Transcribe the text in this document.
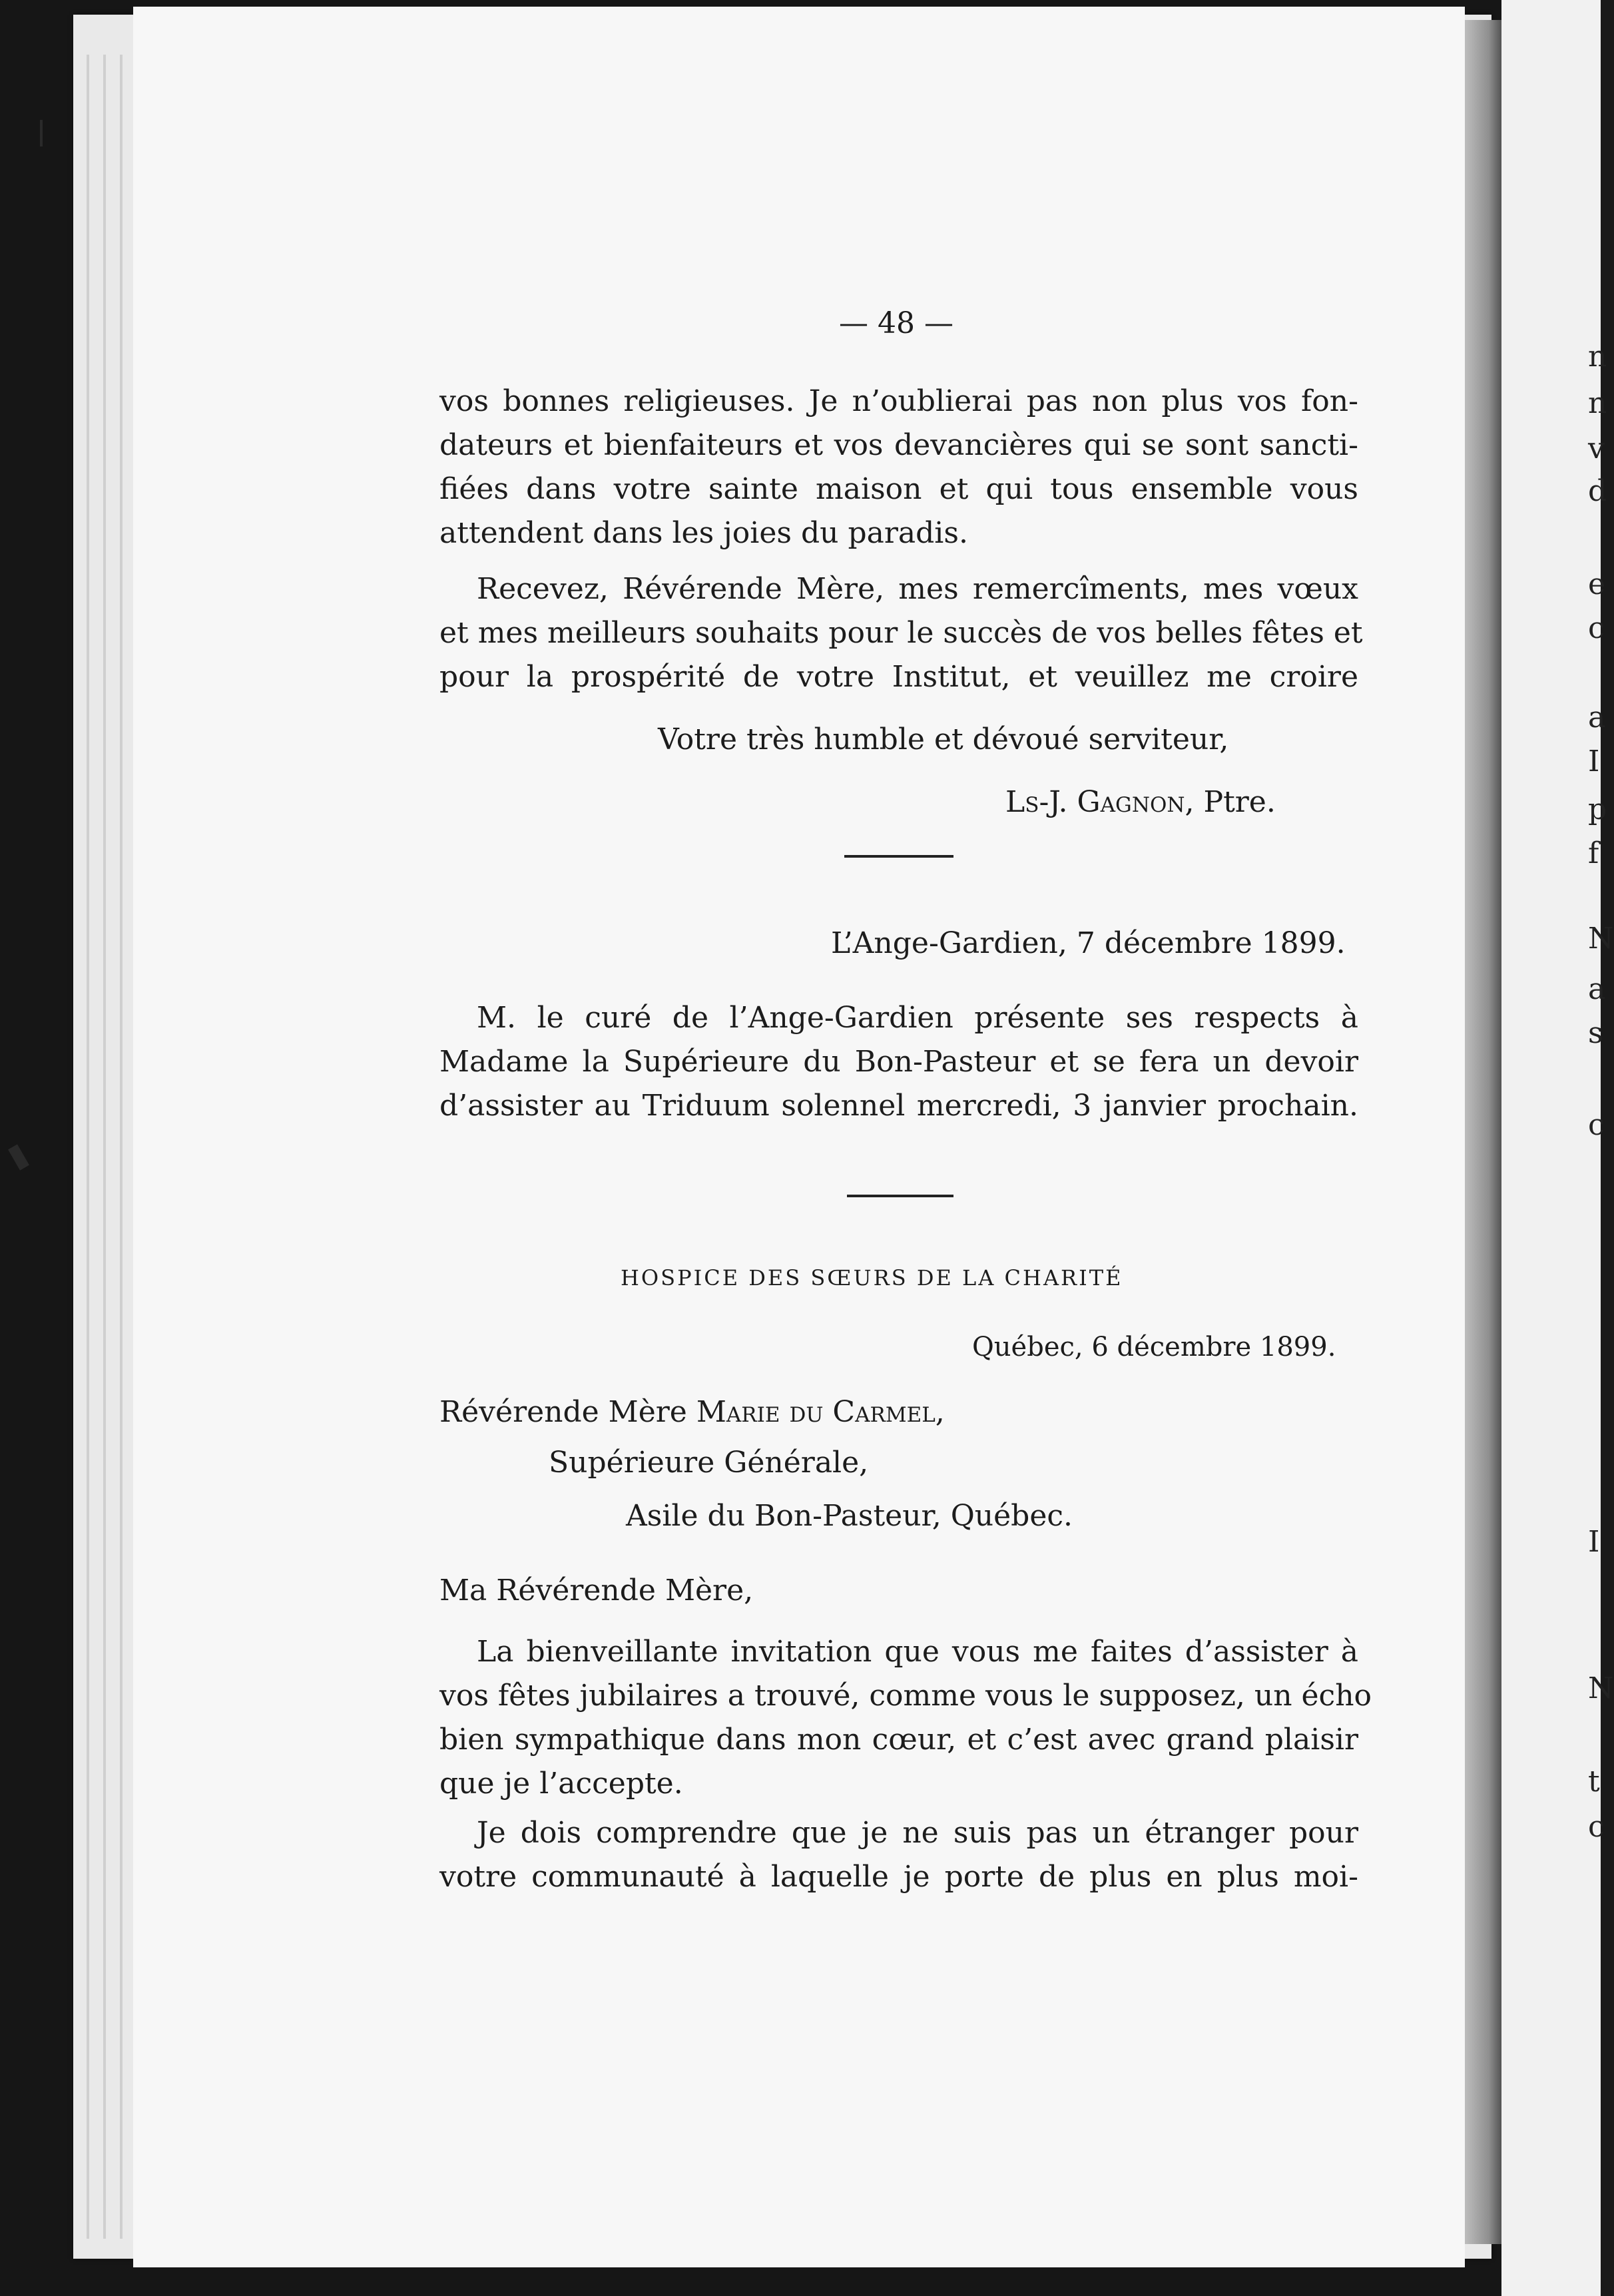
— 48 —
vos bonnes religieuses. Je n’oublierai pas non plus vos fon-
dateurs et bienfaiteurs et vos devancières qui se sont sancti-
fiées dans votre sainte maison et qui tous ensemble vous
attendent dans les joies du paradis.
Recevez, Révérende Mère, mes remercîments, mes vœux
et mes meilleurs souhaits pour le succès de vos belles fêtes et
pour la prospérité de votre Institut, et veuillez me croire
Votre très humble et dévoué serviteur,
Ls-J. Gagnon, Ptre.
L’Ange-Gardien, 7 décembre 1899.
M. le curé de l’Ange-Gardien présente ses respects à
Madame la Supérieure du Bon-Pasteur et se fera un devoir
d’assister au Triduum solennel mercredi, 3 janvier prochain.
HOSPICE DES SŒURS DE LA CHARITÉ
Québec, 6 décembre 1899.
Révérende Mère Marie du Carmel,
Supérieure Générale,
Asile du Bon-Pasteur, Québec.
Ma Révérende Mère,
La bienveillante invitation que vous me faites d’assister à
vos fêtes jubilaires a trouvé, comme vous le supposez, un écho
bien sympathique dans mon cœur, et c’est avec grand plaisir
que je l’accepte.
Je dois comprendre que je ne suis pas un étranger pour
votre communauté à laquelle je porte de plus en plus moi-
n
n
v
d
e
c
a
I
p
f
N
a
s
c
I
N
t
c
